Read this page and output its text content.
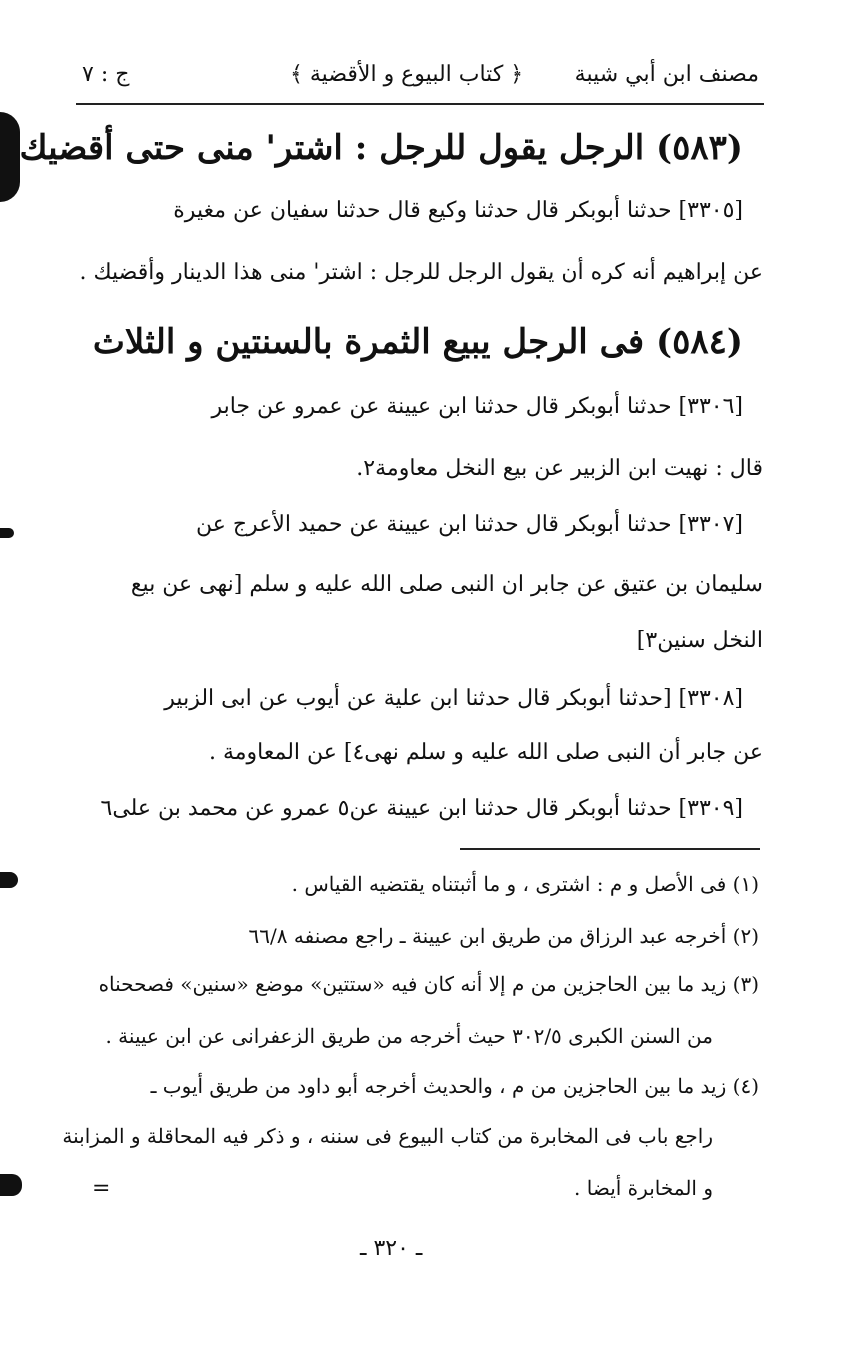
مصنف ابن أبي شيبة
﴿ كتاب البيوع و الأقضية ﴾
ج : ٧
(٥٨٣) الرجل يقول للرجل : اشتر' منى حتى أقضيك
[٣٣٠٥] حدثنا أبوبكر قال حدثنا وكيع قال حدثنا سفيان عن مغيرة
عن إبراهيم أنه كره أن يقول الرجل للرجل : اشتر' منى هذا الدينار وأقضيك .
(٥٨٤) فى الرجل يبيع الثمرة بالسنتين و الثلاث
[٣٣٠٦] حدثنا أبوبكر قال حدثنا ابن عيينة عن عمرو عن جابر
قال : نهيت ابن الزبير عن بيع النخل معاومة٢.
[٣٣٠٧] حدثنا أبوبكر قال حدثنا ابن عيينة عن حميد الأعرج عن
سليمان بن عتيق عن جابر ان النبى صلى الله عليه و سلم [نهى عن بيع
النخل سنين٣]
[٣٣٠٨] [حدثنا أبوبكر قال حدثنا ابن علية عن أيوب عن ابى الزبير
عن جابر أن النبى صلى الله عليه و سلم نهى٤] عن المعاومة .
[٣٣٠٩] حدثنا أبوبكر قال حدثنا ابن عيينة عن٥ عمرو عن محمد بن على٦
(١) فى الأصل و م : اشترى ، و ما أثبتناه يقتضيه القياس .
(٢) أخرجه عبد الرزاق من طريق ابن عيينة ـ راجع مصنفه ٦٦/٨
(٣) زيد ما بين الحاجزين من م إلا أنه كان فيه «ستتين» موضع «سنين» فصححناه
من السنن الكبرى ٣٠٢/٥ حيث أخرجه من طريق الزعفرانى عن ابن عيينة .
(٤) زيد ما بين الحاجزين من م ، والحديث أخرجه أبو داود من طريق أيوب ـ
راجع باب فى المخابرة من كتاب البيوع فى سننه ، و ذكر فيه المحاقلة و المزابنة
و المخابرة أيضا .
=
ـ ٣٢٠ ـ
